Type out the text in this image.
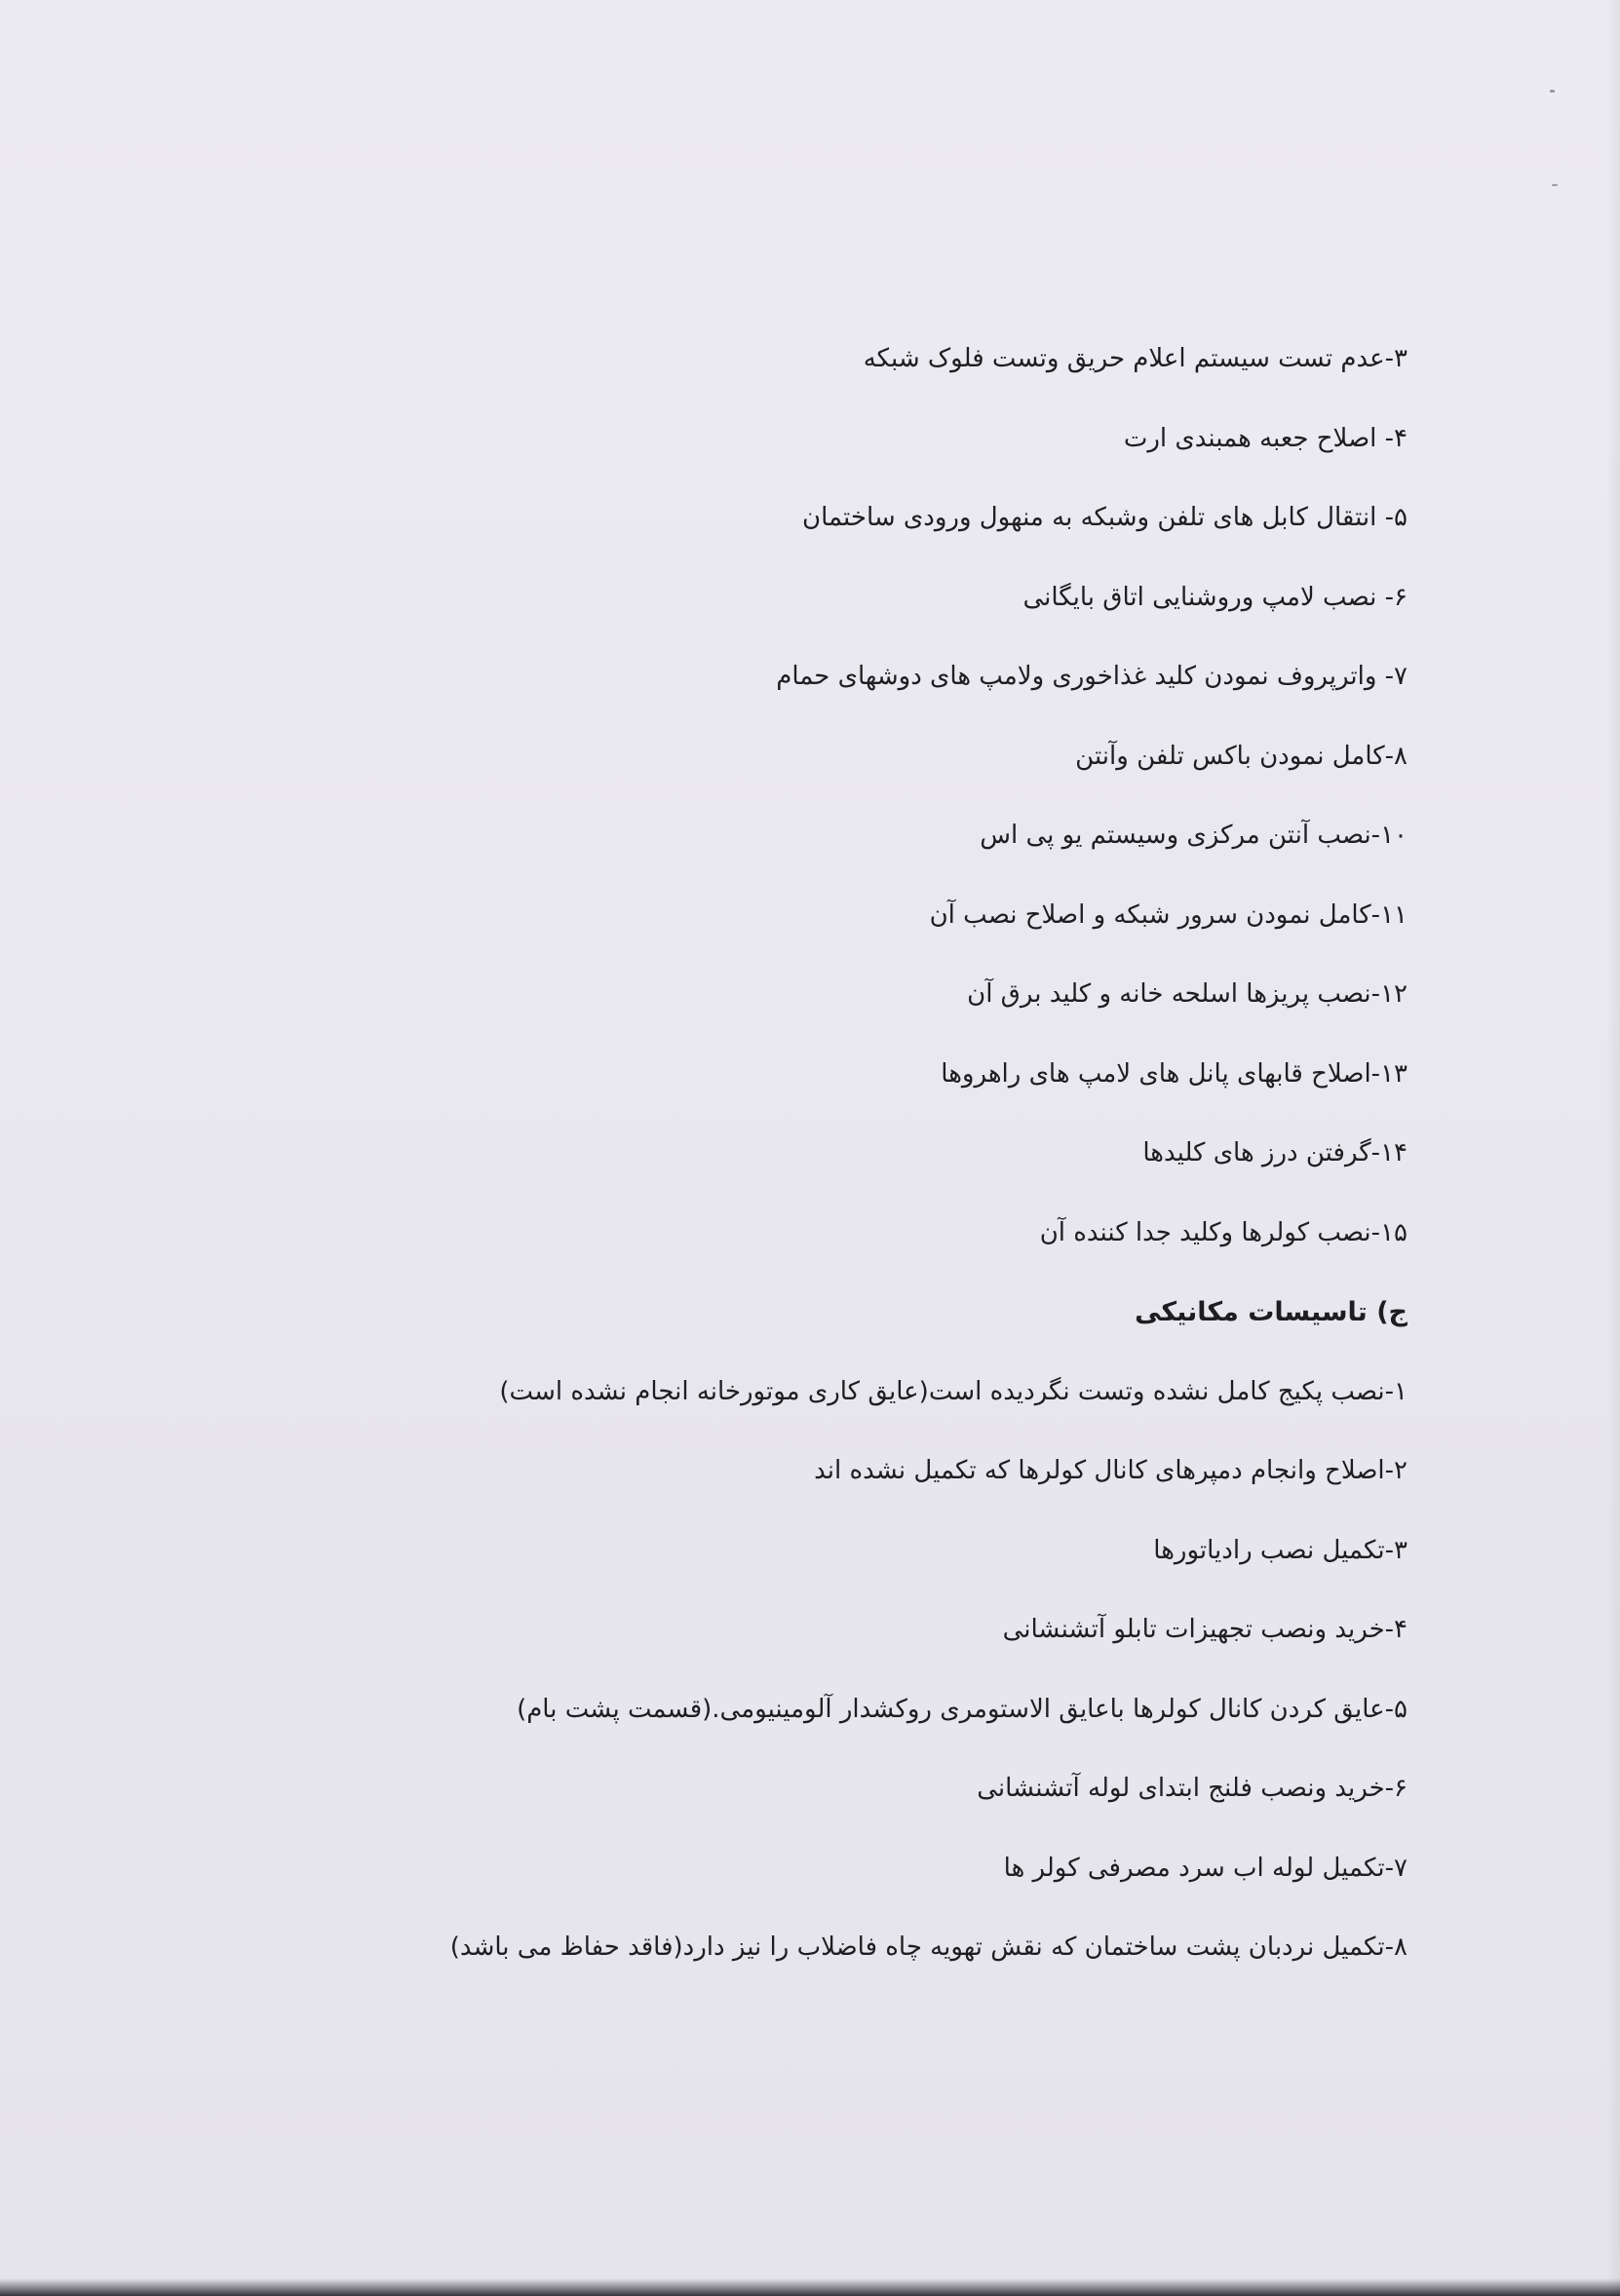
۳-عدم تست سیستم اعلام حریق وتست فلوک شبکه
۴- اصلاح جعبه همبندی ارت
۵- انتقال کابل های تلفن وشبکه به منهول ورودی ساختمان
۶- نصب لامپ وروشنایی اتاق بایگانی
۷- واترپروف نمودن کلید غذاخوری ولامپ های دوشهای حمام
۸-کامل نمودن باکس تلفن وآنتن
۱۰-نصب آنتن مرکزی وسیستم یو پی اس
۱۱-کامل نمودن سرور شبکه و اصلاح نصب آن
۱۲-نصب پریزها اسلحه خانه و کلید برق آن
۱۳-اصلاح قابهای پانل های لامپ های راهروها
۱۴-گرفتن درز های کلیدها
۱۵-نصب کولرها وکلید جدا کننده آن
ج) تاسیسات مکانیکی
۱-نصب پکیج کامل نشده وتست نگردیده است(عایق کاری موتورخانه انجام نشده است)
۲-اصلاح وانجام دمپرهای کانال کولرها که تکمیل نشده اند
۳-تکمیل نصب رادیاتورها
۴-خرید ونصب تجهیزات تابلو آتشنشانی
۵-عایق کردن کانال کولرها باعایق الاستومری روکشدار آلومینیومی.(قسمت پشت بام)
۶-خرید ونصب فلنج ابتدای لوله آتشنشانی
۷-تکمیل لوله اب سرد مصرفی کولر ها
۸-تکمیل نردبان پشت ساختمان که نقش تهویه چاه فاضلاب را نیز دارد(فاقد حفاظ می باشد)
